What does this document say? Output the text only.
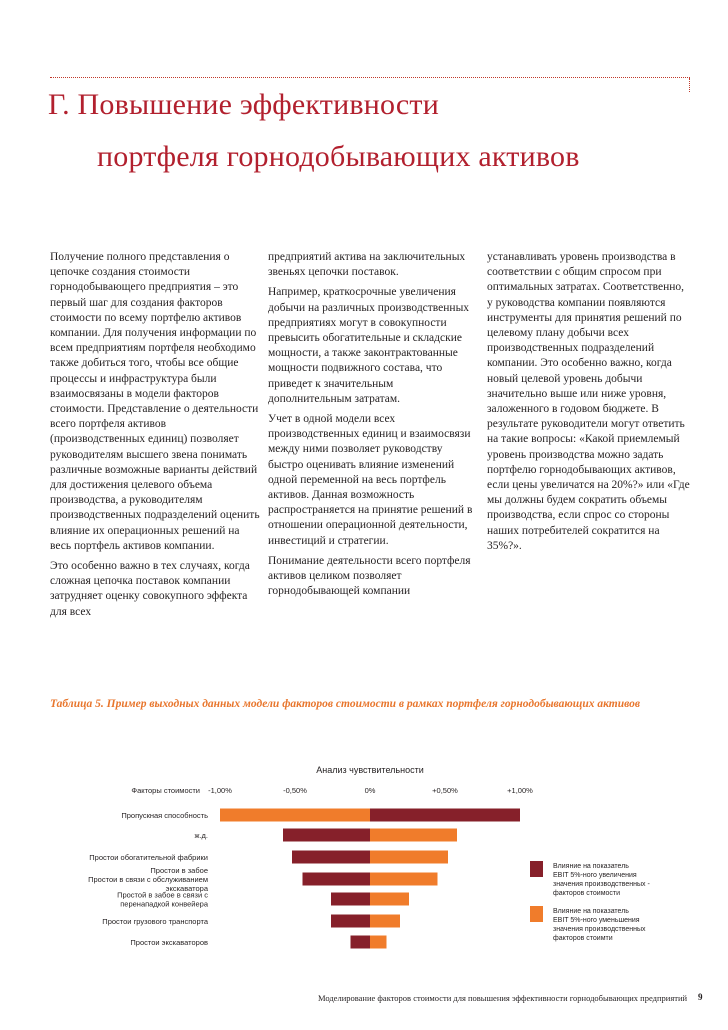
Г. Повышение эффективности
портфеля горнодобывающих активов

Получение полного представления о цепочке создания стоимости горнодобывающего предприятия – это первый шаг для создания факторов стоимости по всему портфелю активов компании. Для получения информации по всем предприятиям портфеля необходимо также добиться того, чтобы все общие процессы и инфраструктура были взаимосвязаны в модели факторов стоимости. Представление о деятельности всего портфеля активов (производственных единиц) позволяет руководителям высшего звена понимать различные возможные варианты действий для достижения целевого объема производства, а руководителям производственных подразделений оценить влияние их операционных решений на весь портфель активов компании.

Это особенно важно в тех случаях, когда сложная цепочка поставок компании затрудняет оценку совокупного эффекта для всех

предприятий актива на заключительных звеньях цепочки поставок.

Например, краткосрочные увеличения добычи на различных производственных предприятиях могут в совокупности превысить обогатительные и складские мощности, а также законтрактованные мощности подвижного состава, что приведет к значительным дополнительным затратам.

Учет в одной модели всех производственных единиц и взаимосвязи между ними позволяет руководству быстро оценивать влияние изменений одной переменной на весь портфель активов. Данная возможность распространяется на принятие решений в отношении операционной деятельности, инвестиций и стратегии.

Понимание деятельности всего портфеля активов целиком позволяет горнодобывающей компании

устанавливать уровень производства в соответствии с общим спросом при оптимальных затратах. Соответственно, у руководства компании появляются инструменты для принятия решений по целевому плану добычи всех производственных подразделений компании. Это особенно важно, когда новый целевой уровень добычи значительно выше или ниже уровня, заложенного в годовом бюджете. В результате руководители могут ответить на такие вопросы: «Какой приемлемый уровень производства можно задать портфелю горнодобывающих активов, если цены увеличатся на 20%?» или «Где мы должны будем сократить объемы производства, если спрос со стороны наших потребителей сократится на 35%?».

Таблица 5. Пример выходных данных модели факторов стоимости в рамках портфеля горнодобывающих активов
Анализ чувствительности
Факторы стоимости -1,00%	-0,50%	0%	+0,50%	+1,00%
Пропускная способность
ж.д.
Простои обогатительной фабрики
Простои в забое
Простои в связи с обслуживанием
экскаватора
Простой в забое в связи с
перенападкой конвейера
Простои грузового транспорта
Простои экскаваторов
Влияние на показатель
EBIT 5%-ного увеличения
значения производственных -
факторов стоимости
Влияние на показатель
EBIT 5%-ного уменьшения
значения производственных
факторов стоимти
Моделирование факторов стоимости для повышения эффективности горнодобывающих предприятий 9
